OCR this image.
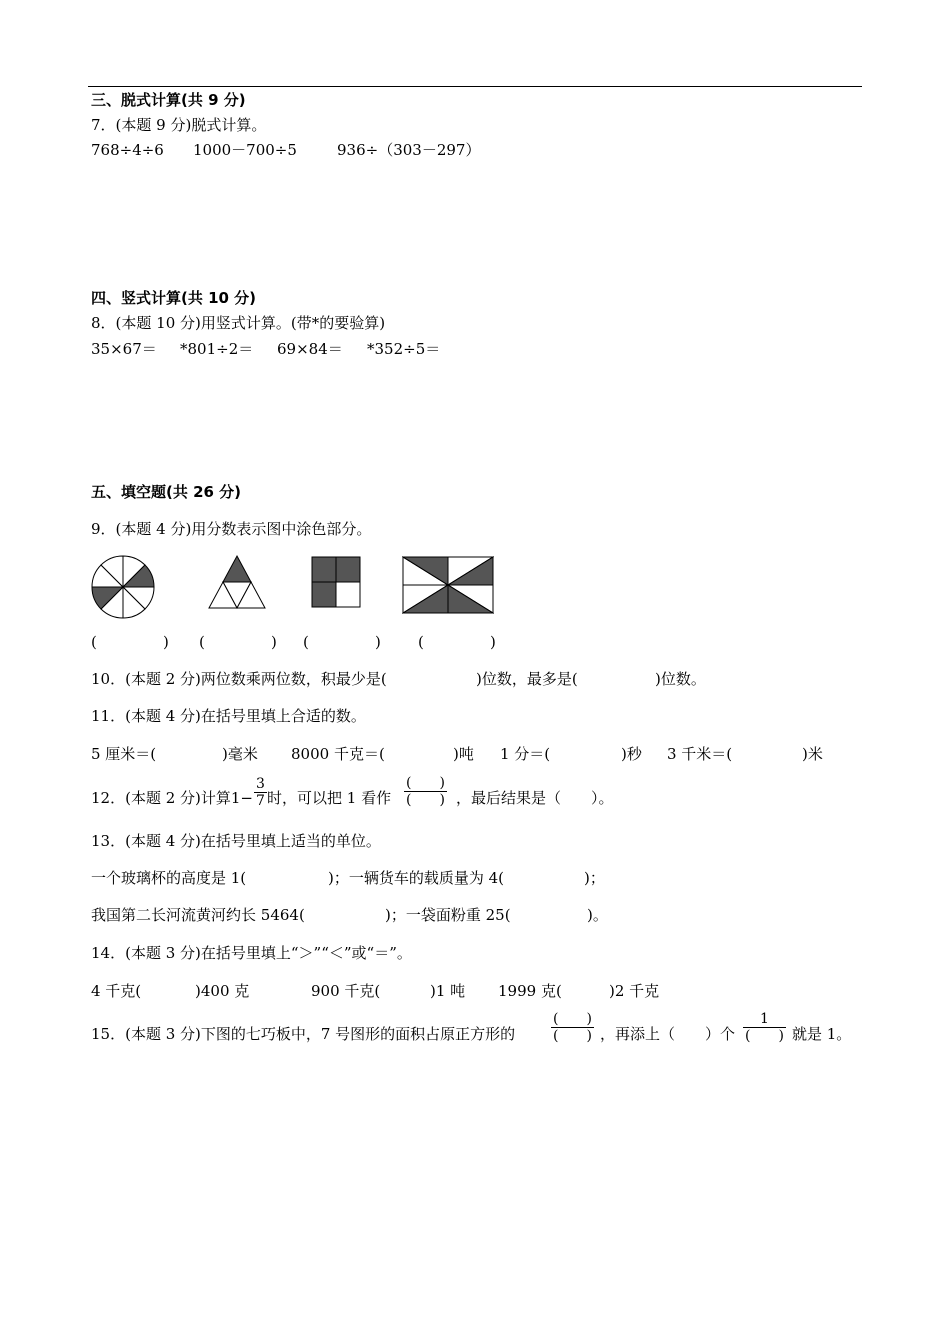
三、脱式计算(共 9 分)
7．(本题 9 分)脱式计算。
768÷4÷6 1000－700÷5	936÷（303－297）
四、竖式计算(共 10 分)
8．(本题 10 分)用竖式计算。(带*的要验算)
35×67＝ *801÷2＝ 69×84＝ *352÷5＝
五、填空题(共 26 分)
9．(本题 4 分)用分数表示图中涂色部分。
(	) (	) (	) (	)
10．(本题 2 分)两位数乘两位数，积最少是(	)位数，最多是(	)位数。
11．(本题 4 分)在括号里填上合适的数。
5 厘米＝(	)毫米 8000 千克＝(	)吨 1 分＝(	)秒 3 千米＝(	)米
12．(本题 2 分)计算1−
3
7 时，可以把 1 看作
(　　)
(　　) ，最后结果是（　　）。
13．(本题 4 分)在括号里填上适当的单位。
一个玻璃杯的高度是 1(	)；一辆货车的载质量为 4(	)；
我国第二长河流黄河约长 5464(	)；一袋面粉重 25(	)。
14．(本题 3 分)在括号里填上“＞”“＜”或“＝”。
4 千克(	)400 克	900 千克(	)1 吨 1999 克(	)2 千克
15．(本题 3 分)下图的七巧板中，7 号图形的面积占原正方形的
(　　)
(　　) ，再添上（　　）个
1
(　　) 就是 1。
